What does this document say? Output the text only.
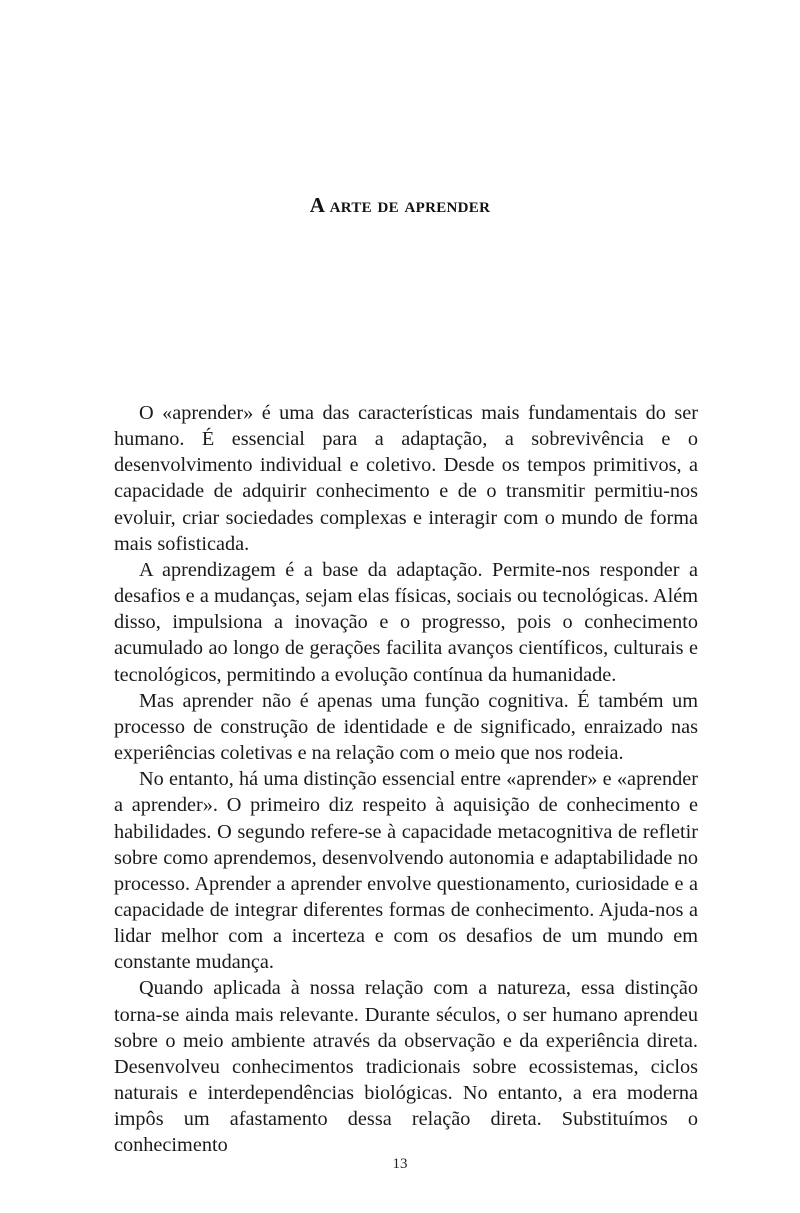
A arte de aprender

O «aprender» é uma das características mais fundamentais do ser humano. É essencial para a adaptação, a sobrevivência e o desenvolvimento individual e coletivo. Desde os tempos primitivos, a capacidade de adquirir conhecimento e de o transmitir permitiu-nos evoluir, criar sociedades complexas e interagir com o mundo de forma mais sofisticada.

A aprendizagem é a base da adaptação. Permite-nos responder a desafios e a mudanças, sejam elas físicas, sociais ou tecnológicas. Além disso, impulsiona a inovação e o progresso, pois o conhecimento acumulado ao longo de gerações facilita avanços científicos, culturais e tecnológicos, permitindo a evolução contínua da humanidade.

Mas aprender não é apenas uma função cognitiva. É também um processo de construção de identidade e de significado, enraizado nas experiências coletivas e na relação com o meio que nos rodeia.

No entanto, há uma distinção essencial entre «aprender» e «aprender a aprender». O primeiro diz respeito à aquisição de conhecimento e habilidades. O segundo refere-se à capacidade metacognitiva de refletir sobre como aprendemos, desenvolvendo autonomia e adaptabilidade no processo. Aprender a aprender envolve questionamento, curiosidade e a capacidade de integrar diferentes formas de conhecimento. Ajuda-nos a lidar melhor com a incerteza e com os desafios de um mundo em constante mudança.

Quando aplicada à nossa relação com a natureza, essa distinção torna-se ainda mais relevante. Durante séculos, o ser humano aprendeu sobre o meio ambiente através da observação e da experiência direta. Desenvolveu conhecimentos tradicionais sobre ecossistemas, ciclos naturais e interdependências biológicas. No entanto, a era moderna impôs um afastamento dessa relação direta. Substituímos o conhecimento

13
